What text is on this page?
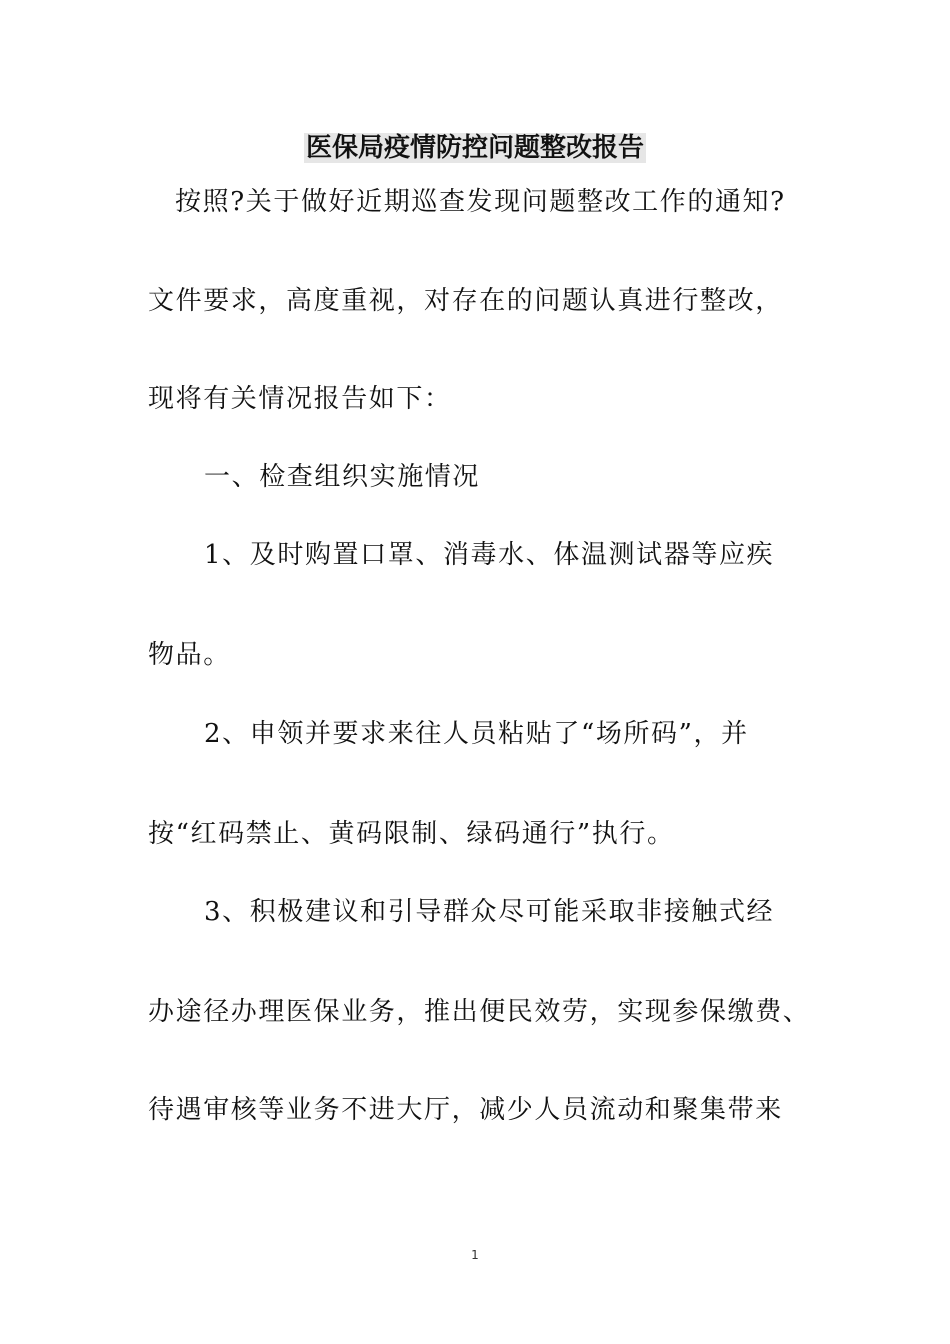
医保局疫情防控问题整改报告
按照?关于做好近期巡查发现问题整改工作的通知?
文件要求，高度重视，对存在的问题认真进行整改，
现将有关情况报告如下：
一、检查组织实施情况
1、及时购置口罩、消毒水、体温测试器等应疾
物品。
2、申领并要求来往人员粘贴了“场所码”，并
按“红码禁止、黄码限制、绿码通行”执行。
3、积极建议和引导群众尽可能采取非接触式经
办途径办理医保业务，推出便民效劳，实现参保缴费、
待遇审核等业务不进大厅，减少人员流动和聚集带来
1
